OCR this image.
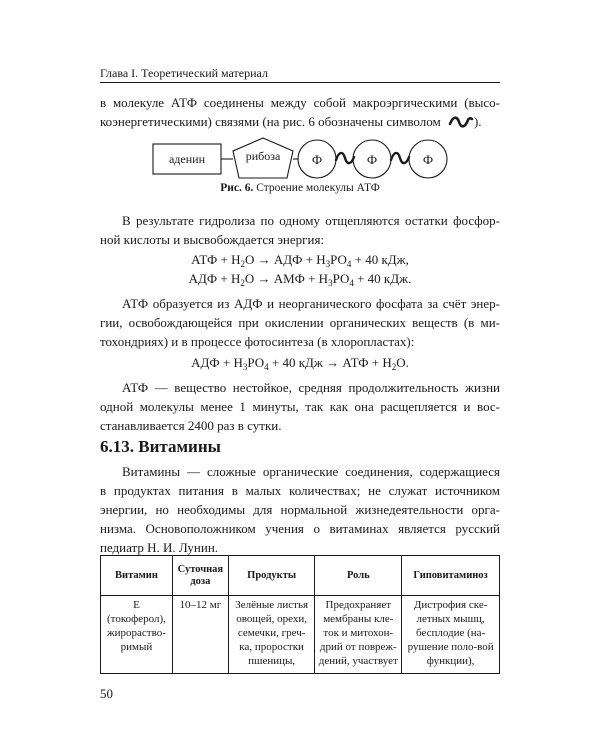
Глава I. Теоретический материал
в молекуле АТФ соединены между собой макроэргическими (высо-
коэнергетическими) связями (на рис. 6 обозначены символом	).
аденин	рибоза Ф	Ф	Ф
Рис. 6. Строение молекулы АТФ
В результате гидролиза по одному отщепляются остатки фосфор-
ной кислоты и высвобождается энергия:
АТФ + $Н_2О$ → АДФ + $Н_3РО_4 + 40$ кДж,
АДФ + $Н_2О$ → АМФ + $Н_3РО_4 + 40$ кДж.
АТФ образуется из АДФ и неорганического фосфата за счёт энер-
гии, освобождающейся при окислении органических веществ (в ми-
тохондриях) и в процессе фотосинтеза (в хлоропластах):
АДФ + $Н_3РО_4 + 40$ кДж → АТФ + $Н_2О$.
АТФ — вещество нестойкое, средняя продолжительность жизни
одной молекулы менее 1 минуты, так как она расщепляется и вос-
станавливается 2400 раз в сутки.
6.13. Витамины
Витамины — сложные органические соединения, содержащиеся
в продуктах питания в малых количествах; не служат источником
энергии, но необходимы для нормальной жизнедеятельности орга-
низма. Основоположником учения о витаминах является русский
педиатр Н. И. Лунин.
Витамин	Суточная доза	Продукты	Роль	Гиповитаминоз
Е (токоферол), жирораство-римый	10–12 мг	Зелёные листья овощей, орехи, семечки, греч-ка, проростки пшеницы,	Предохраняет мембраны кле-ток и митохон-дрий от повреж-дений, участвует	Дистрофия ске-летных мышц, бесплодие (на-рушение поло-вой функции),
50
